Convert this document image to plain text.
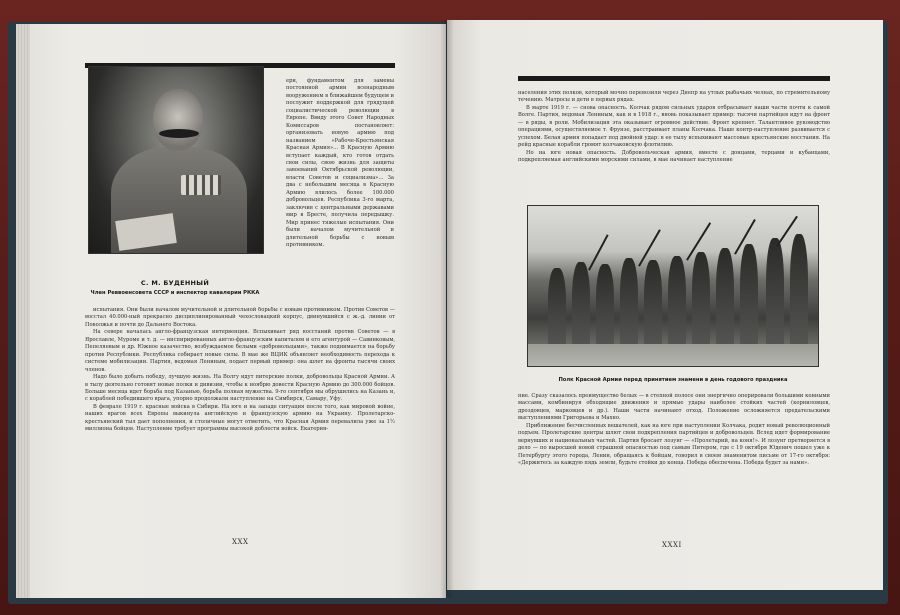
С. М. БУДЕННЫЙ
Член Реввоенсовета СССР и инспектор кавалерии РККА

ерн, фундаментом для замены постоянной армии всенародным вооружением в ближайшем будущем и послужит поддержкой для грядущей социалистической революции в Европе. Ввиду этого Совет Народных Комиссаров постановляет: организовать новую армию под названием «Рабоче-Крестьянская Красная Армия»... В Красную Армию вступает каждый, кто готов отдать свои силы, свою жизнь для защиты завоеваний Октябрьской революции, власти Советов и социализма»... За два с небольшим месяца в Красную Армию влилось более 100.000 добровольцев. Республика 3-го марта, заключив с центральными державами мир в Бресте, получила передышку. Мир принес тяжелые испытания. Они были началом мучительной и длительной борьбы с новым противником.

испытания. Они были началом мучительной и длительной борьбы с новым противником. Против Советов — восстал 40.000-ный прекрасно дисциплинированный чехословацкий корпус, двинувшийся с ж.-д. линии от Поволжья и почти до Дальнего Востока.

На севере началась англо-французская интервенция. Вспыхивает ряд восстаний против Советов — в Ярославле, Муроме и т. д. — инспирированных англо-французским капиталом и его агентурой — Савинковым, Пепеляевым и др. Южное казачество, возбуждаемое белыми «добровольцами», также поднимается на борьбу против Республики. Республика собирает новые силы. В мае же ВЦИК объявляет необходимость перехода к системе мобилизации. Партия, ведомая Лениным, подает первый пример: она шлет на фронты тысячи своих членов.

Надо было добыть победу, лучшую жизнь. На Волгу идут питерские полки, добровольцы Красной Армии. А в тылу деятельно готовят новые полки и дивизии, чтобы к ноябрю довести Красную Армию до 300.000 бойцов. Больше месяца идет борьба под Казанью, борьба полная мужества. 9-го сентября мы обрушились на Казань и, с кораблей победившего врага, упорно продолжали наступление на Симбирск, Самару, Уфу.

В феврале 1919 г. красные войска в Сибири. На юге и на западе ситуация после того, как мировой войне, наших врагов всех Европы выкинула английскую и французскую армию на Украину. Пролетарско-крестьянский тыл дает пополнения, и столичные могут отметить, что Красная Армия перевалила уже за 1½ миллиона бойцов. Наступление требует программы высокой доблести войск. Екатерин-

XXX

населения этих полков, который мочно перевозили через Днепр на утлых рыбачьих челнах, по стремительному течению. Матросы и дети в первых рядах.

В марте 1919 г. — снова опасность. Колчак рядом сильных ударов отбрасывает наши части почти к самой Волге. Партия, ведомая Лениным, как и в 1918 г., вновь показывает пример: тысячи партийцев идут на фронт — в ряды, в роли. Мобилизация эта оказывает огромное действие. Фронт крепнет. Талантливое руководство операциями, осуществляемое т. Фрунзе, расстраивает планы Колчака. Наше контр-наступление развивается с успехом. Белая армия попадает под двойной удар: в ее тылу вспыхивают массовые крестьянские восстания. На рейд красные корабли громят колчаковскую флотилию.

Но на юге новая опасность. Добровольческая армия, вместе с донцами, терцами и кубанцами, подкрепляемая английскими морскими силами, в мае начинает наступление

Полк Красной Армии перед принятием знамени в день годового праздника

ние. Сразу сказалось преимущество белых — в степной полосе они энергично оперировали большими конными массами, комбинируя обходящие движения и прямые удары наиболее стойких частей (корниловцев, дроздовцев, марковцев и др.). Наши части начинают отход. Положение осложняется предательскими выступлениями Григорьева и Махно.

Приближение бесчисленных вешателей, как на юге при наступлении Колчака, родит новый революционный подъем. Пролетарские центры шлют свои подкрепления партийцев и добровольцев. Вслед идет формирование вернувших и национальных частей. Партия бросает лозунг — «Пролетарий, на коня!». И лозунг претворяется в дело — по выросшей новой страшной опасностью под самым Питером, где с 19 октября Юденич пошел уже к Петербургу этого города, Ленин, обращаясь к бойцам, говорил в своем знаменитом письме от 17-го октября: «Держитесь за каждую пядь земли, будьте стойки до конца. Победа обеспечена. Победа будет за нами».

XXXI
